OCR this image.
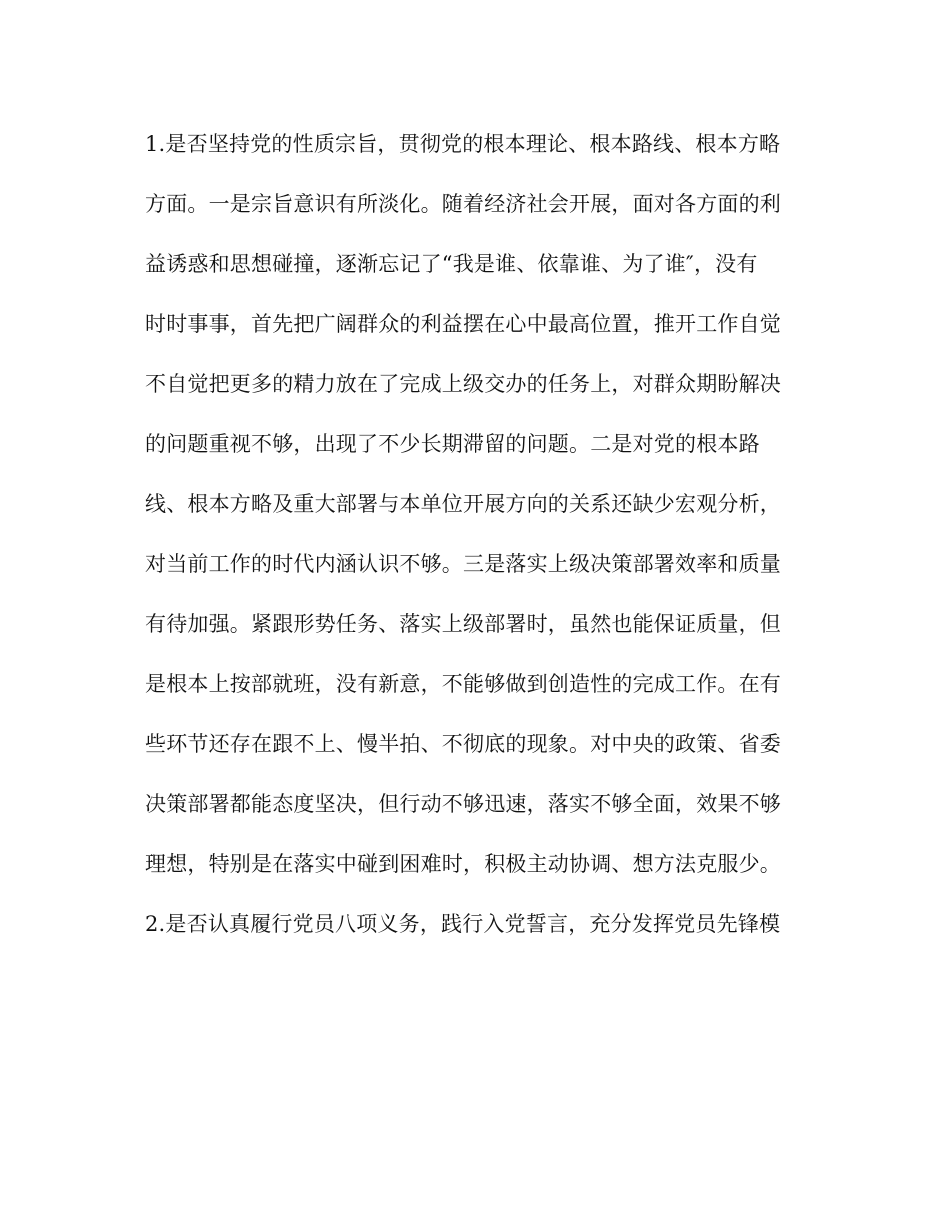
1.是否坚持党的性质宗旨，贯彻党的根本理论、根本路线、根本方略
方面。一是宗旨意识有所淡化。随着经济社会开展，面对各方面的利
益诱惑和思想碰撞，逐渐忘记了“我是谁、依靠谁、为了谁″，没有
时时事事，首先把广阔群众的利益摆在心中最高位置，推开工作自觉
不自觉把更多的精力放在了完成上级交办的任务上，对群众期盼解决
的问题重视不够，出现了不少长期滞留的问题。二是对党的根本路
线、根本方略及重大部署与本单位开展方向的关系还缺少宏观分析，
对当前工作的时代内涵认识不够。三是落实上级决策部署效率和质量
有待加强。紧跟形势任务、落实上级部署时，虽然也能保证质量，但
是根本上按部就班，没有新意，不能够做到创造性的完成工作。在有
些环节还存在跟不上、慢半拍、不彻底的现象。对中央的政策、省委
决策部署都能态度坚决，但行动不够迅速，落实不够全面，效果不够
理想，特别是在落实中碰到困难时，积极主动协调、想方法克服少。
2.是否认真履行党员八项义务，践行入党誓言，充分发挥党员先锋模
